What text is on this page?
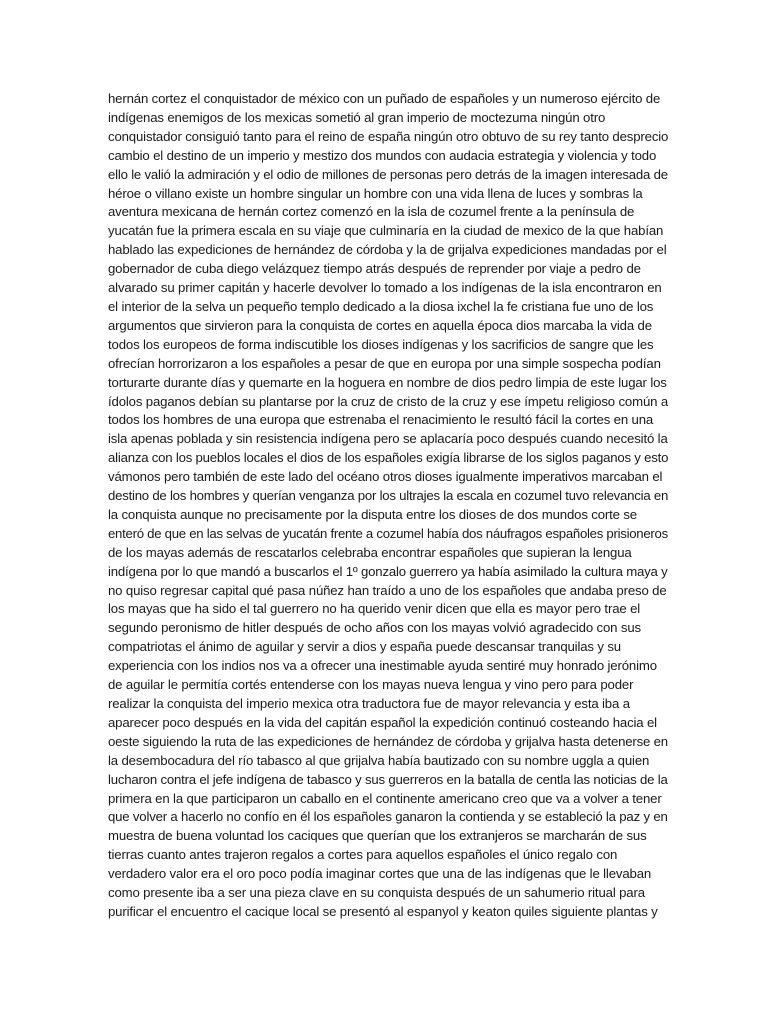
hernán cortez el conquistador de méxico con un puñado de españoles y un numeroso ejército de
indígenas enemigos de los mexicas sometió al gran imperio de moctezuma ningún otro
conquistador consiguió tanto para el reino de españa ningún otro obtuvo de su rey tanto desprecio
cambio el destino de un imperio y mestizo dos mundos con audacia estrategia y violencia y todo
ello le valió la admiración y el odio de millones de personas pero detrás de la imagen interesada de
héroe o villano existe un hombre singular un hombre con una vida llena de luces y sombras la
aventura mexicana de hernán cortez comenzó en la isla de cozumel frente a la península de
yucatán fue la primera escala en su viaje que culminaría en la ciudad de mexico de la que habían
hablado las expediciones de hernández de córdoba y la de grijalva expediciones mandadas por el
gobernador de cuba diego velázquez tiempo atrás después de reprender por viaje a pedro de
alvarado su primer capitán y hacerle devolver lo tomado a los indígenas de la isla encontraron en
el interior de la selva un pequeño templo dedicado a la diosa ixchel la fe cristiana fue uno de los
argumentos que sirvieron para la conquista de cortes en aquella época dios marcaba la vida de
todos los europeos de forma indiscutible los dioses indígenas y los sacrificios de sangre que les
ofrecían horrorizaron a los españoles a pesar de que en europa por una simple sospecha podían
torturarte durante días y quemarte en la hoguera en nombre de dios pedro limpia de este lugar los
ídolos paganos debían su plantarse por la cruz de cristo de la cruz y ese ímpetu religioso común a
todos los hombres de una europa que estrenaba el renacimiento le resultó fácil la cortes en una
isla apenas poblada y sin resistencia indígena pero se aplacaría poco después cuando necesitó la
alianza con los pueblos locales el dios de los españoles exigía librarse de los siglos paganos y esto
vámonos pero también de este lado del océano otros dioses igualmente imperativos marcaban el
destino de los hombres y querían venganza por los ultrajes la escala en cozumel tuvo relevancia en
la conquista aunque no precisamente por la disputa entre los dioses de dos mundos corte se
enteró de que en las selvas de yucatán frente a cozumel había dos náufragos españoles prisioneros
de los mayas además de rescatarlos celebraba encontrar españoles que supieran la lengua
indígena por lo que mandó a buscarlos el 1º gonzalo guerrero ya había asimilado la cultura maya y
no quiso regresar capital qué pasa núñez han traído a uno de los españoles que andaba preso de
los mayas que ha sido el tal guerrero no ha querido venir dicen que ella es mayor pero trae el
segundo peronismo de hitler después de ocho años con los mayas volvió agradecido con sus
compatriotas el ánimo de aguilar y servir a dios y españa puede descansar tranquilas y su
experiencia con los indios nos va a ofrecer una inestimable ayuda sentiré muy honrado jerónimo
de aguilar le permitía cortés entenderse con los mayas nueva lengua y vino pero para poder
realizar la conquista del imperio mexica otra traductora fue de mayor relevancia y esta iba a
aparecer poco después en la vida del capitán español la expedición continuó costeando hacia el
oeste siguiendo la ruta de las expediciones de hernández de córdoba y grijalva hasta detenerse en
la desembocadura del río tabasco al que grijalva había bautizado con su nombre uggla a quien
lucharon contra el jefe indígena de tabasco y sus guerreros en la batalla de centla las noticias de la
primera en la que participaron un caballo en el continente americano creo que va a volver a tener
que volver a hacerlo no confío en él los españoles ganaron la contienda y se estableció la paz y en
muestra de buena voluntad los caciques que querían que los extranjeros se marcharán de sus
tierras cuanto antes trajeron regalos a cortes para aquellos españoles el único regalo con
verdadero valor era el oro poco podía imaginar cortes que una de las indígenas que le llevaban
como presente iba a ser una pieza clave en su conquista después de un sahumerio ritual para
purificar el encuentro el cacique local se presentó al espanyol y keaton quiles siguiente plantas y
